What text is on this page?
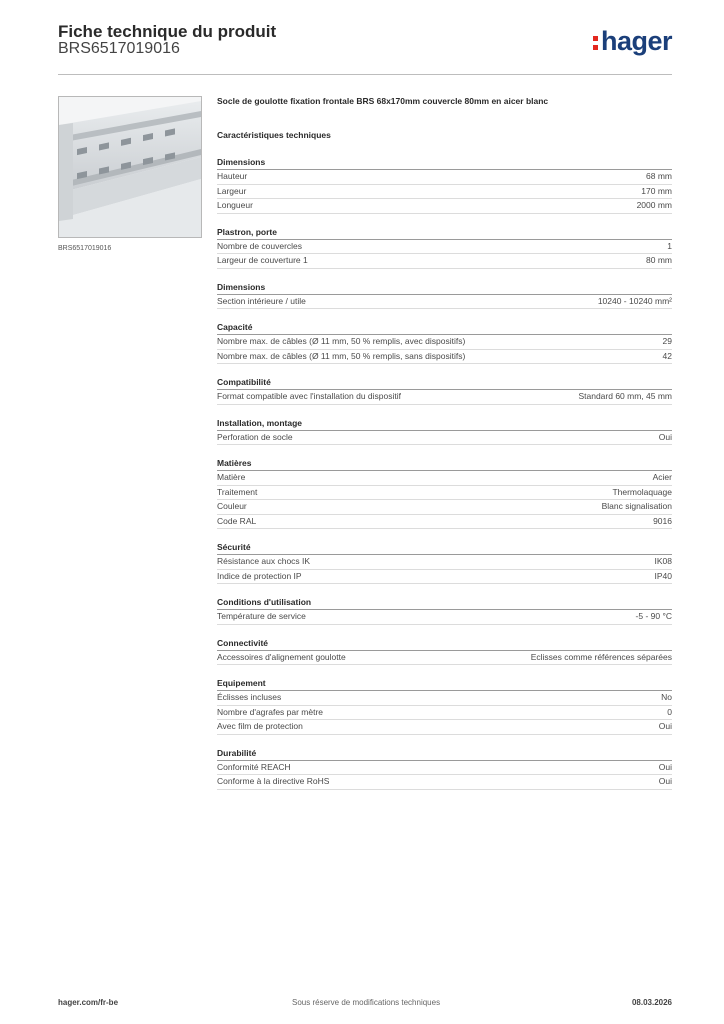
Fiche technique du produit
BRS6517019016	hager
BRS6517019016

Socle de goulotte fixation frontale BRS 68x170mm couvercle 80mm en aicer blanc

Caractéristiques techniques

Dimensions
Hauteur	68 mm
Largeur	170 mm
Longueur	2000 mm
Plastron, porte
Nombre de couvercles	1
Largeur de couverture 1	80 mm
Dimensions
Section intérieure / utile	10240 - 10240 mm²
Capacité
Nombre max. de câbles (Ø 11 mm, 50 % remplis, avec dispositifs)	29
Nombre max. de câbles (Ø 11 mm, 50 % remplis, sans dispositifs)	42
Compatibilité
Format compatible avec l'installation du dispositif	Standard 60 mm, 45 mm
Installation, montage
Perforation de socle	Oui
Matières
Matière	Acier
Traitement	Thermolaquage
Couleur	Blanc signalisation
Code RAL	9016
Sécurité
Résistance aux chocs IK	IK08
Indice de protection IP	IP40
Conditions d'utilisation
Température de service	-5 - 90 °C
Connectivité
Accessoires d'alignement goulotte	Eclisses comme références séparées
Equipement
Éclisses incluses	No
Nombre d'agrafes par mètre	0
Avec film de protection	Oui
Durabilité
Conformité REACH	Oui
Conforme à la directive RoHS	Oui
hager.com/fr-be	Sous réserve de modifications techniques	08.03.2026
